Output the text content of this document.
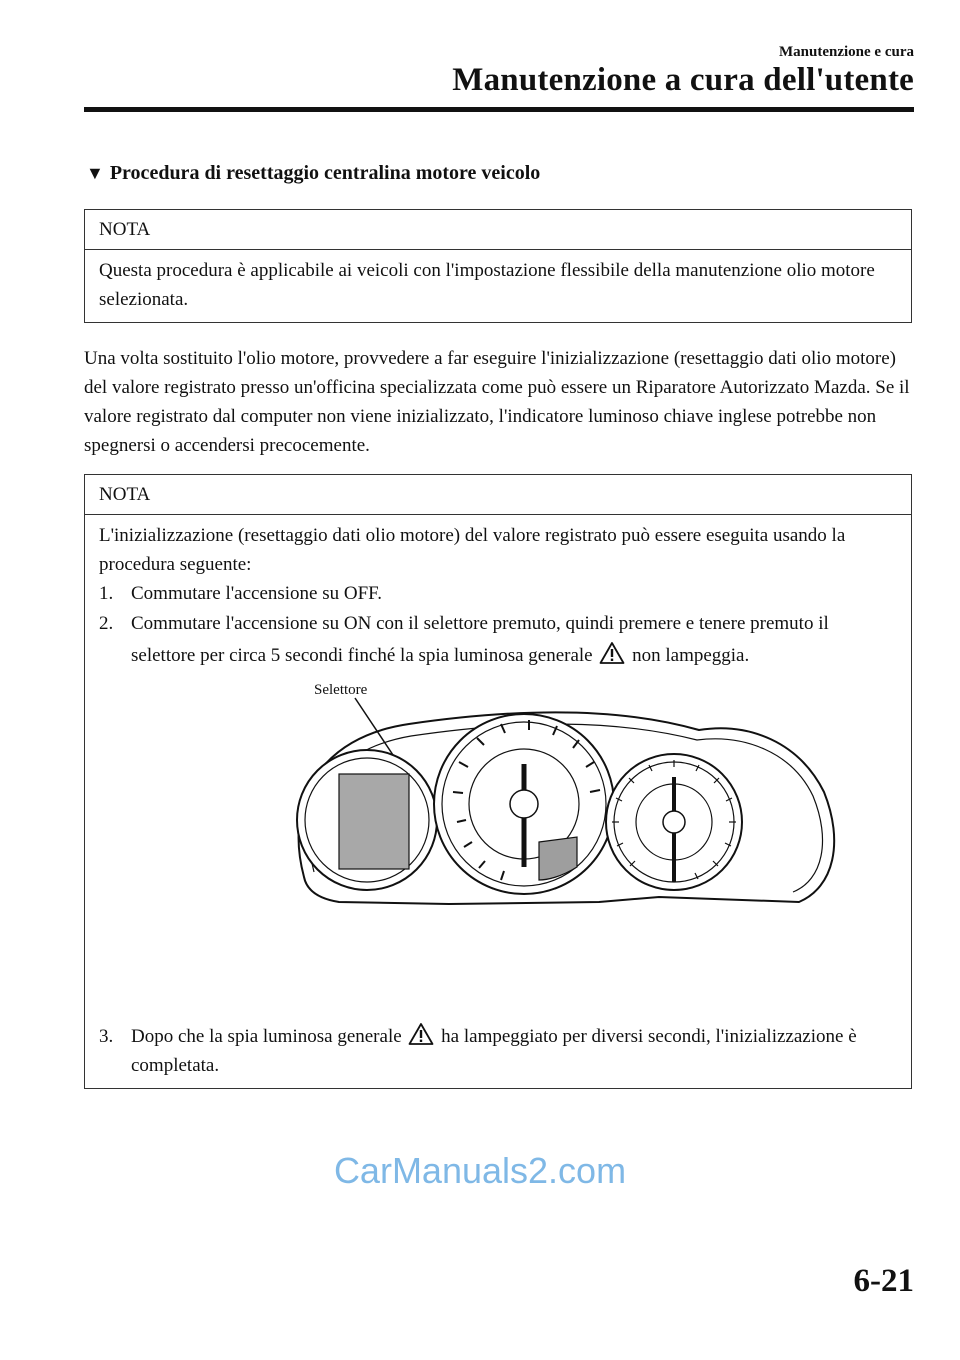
Manutenzione e cura
Manutenzione a cura dell'utente
▼ Procedura di resettaggio centralina motore veicolo
NOTA
Questa procedura è applicabile ai veicoli con l'impostazione flessibile della manutenzione olio motore selezionata.
Una volta sostituito l'olio motore, provvedere a far eseguire l'inizializzazione (resettaggio dati olio motore) del valore registrato presso un'officina specializzata come può essere un Riparatore Autorizzato Mazda. Se il valore registrato dal computer non viene inizializzato, l'indicatore luminoso chiave inglese potrebbe non spegnersi o accendersi precocemente.
NOTA
L'inizializzazione (resettaggio dati olio motore) del valore registrato può essere eseguita usando la procedura seguente:
1. Commutare l'accensione su OFF.
2. Commutare l'accensione su ON con il selettore premuto, quindi premere e tenere premuto il selettore per circa 5 secondi finché la spia luminosa generale non lampeggia.
Selettore
3. Dopo che la spia luminosa generale ha lampeggiato per diversi secondi, l'inizializzazione è completata.
CarManuals2.com
6-21
